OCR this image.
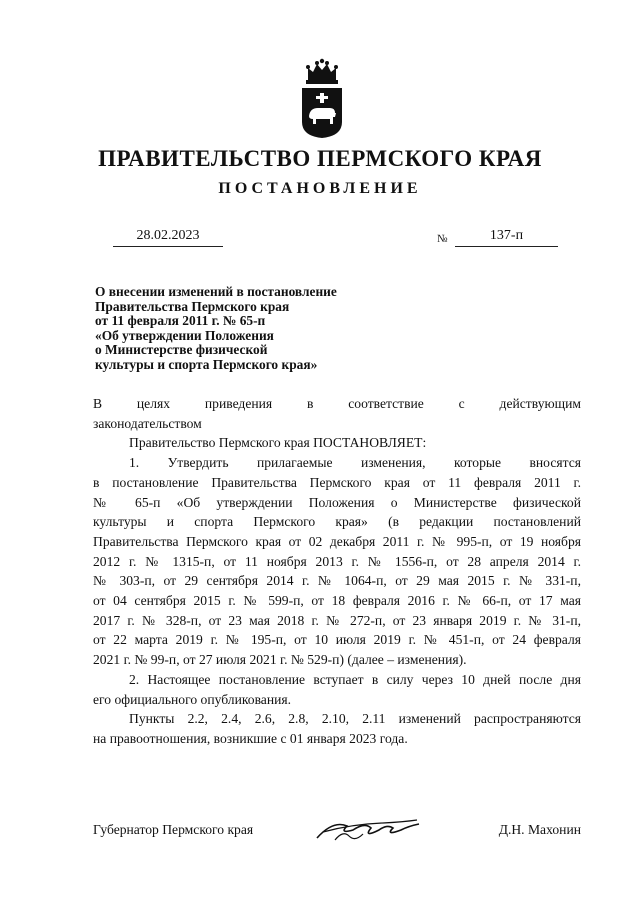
ПРАВИТЕЛЬСТВО ПЕРМСКОГО КРАЯ
ПОСТАНОВЛЕНИЕ
28.02.2023	№	137-п
О внесении изменений в постановление
Правительства Пермского края
от 11 февраля 2011 г. № 65-п
«Об утверждении Положения
о Министерстве физической
культуры и спорта Пермского края»
В целях приведения в соответствие с действующим
законодательством
Правительство Пермского края ПОСТАНОВЛЯЕТ:
1. Утвердить прилагаемые изменения, которые вносятся
в постановление Правительства Пермского края от 11 февраля 2011 г.
№ 65-п «Об утверждении Положения о Министерстве физической
культуры и спорта Пермского края» (в редакции постановлений
Правительства Пермского края от 02 декабря 2011 г. № 995-п, от 19 ноября
2012 г. № 1315-п, от 11 ноября 2013 г. № 1556-п, от 28 апреля 2014 г.
№ 303-п, от 29 сентября 2014 г. № 1064-п, от 29 мая 2015 г. № 331-п,
от 04 сентября 2015 г. № 599-п, от 18 февраля 2016 г. № 66-п, от 17 мая
2017 г. № 328-п, от 23 мая 2018 г. № 272-п, от 23 января 2019 г. № 31-п,
от 22 марта 2019 г. № 195-п, от 10 июля 2019 г. № 451-п, от 24 февраля
2021 г. № 99-п, от 27 июля 2021 г. № 529-п) (далее – изменения).
2. Настоящее постановление вступает в силу через 10 дней после дня
его официального опубликования.
Пункты 2.2, 2.4, 2.6, 2.8, 2.10, 2.11 изменений распространяются
на правоотношения, возникшие с 01 января 2023 года.
Губернатор Пермского края	Д.Н. Махонин
